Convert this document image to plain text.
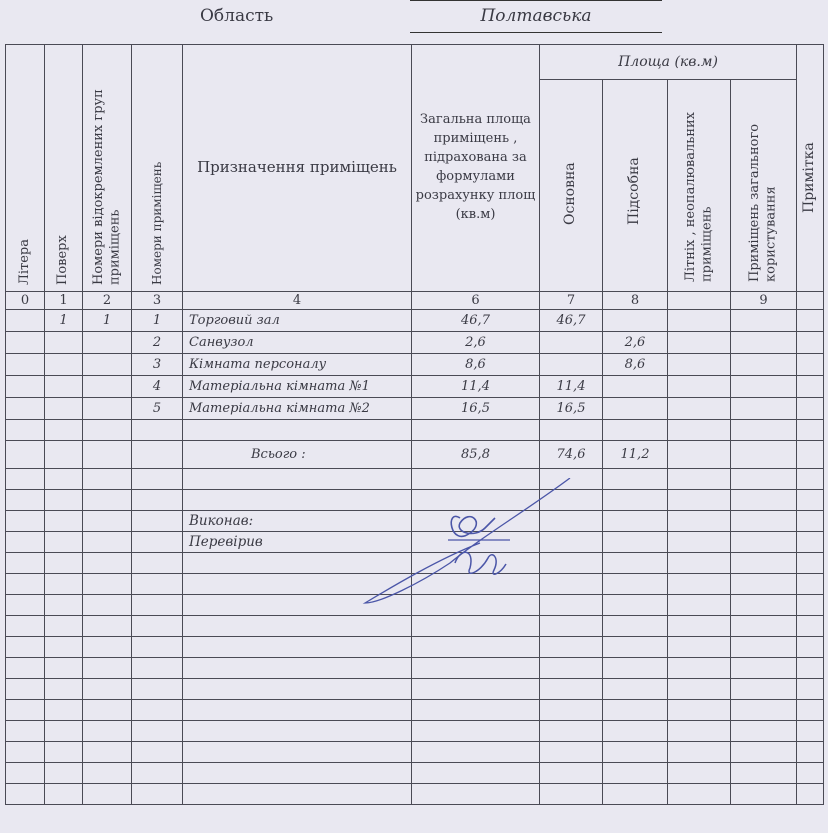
Область	Полтавська
Літера	Поверх	Номери відокремлених груп приміщень	Номери приміщень	Призначення приміщень	Загальна площа приміщень , підрахована за формулами розрахунку площ (кв.м)	Площа (кв.м)				Примітка

						Основна	Підсобна	Літніх , неопалювальних приміщень	Приміщень загального користування	

0	1	2	3	4	6	7	8		9	
	1	1	1	Торговий зал	46,7	46,7				
			2	Санвузол	2,6		2,6			
			3	Кімната персоналу	8,6		8,6			
			4	Матеріальна кімната №1	11,4	11,4				
			5	Матеріальна кімната №2	16,5	16,5				

				Всього :	85,8	74,6	11,2			

				Виконав:						
				Перевірив						
